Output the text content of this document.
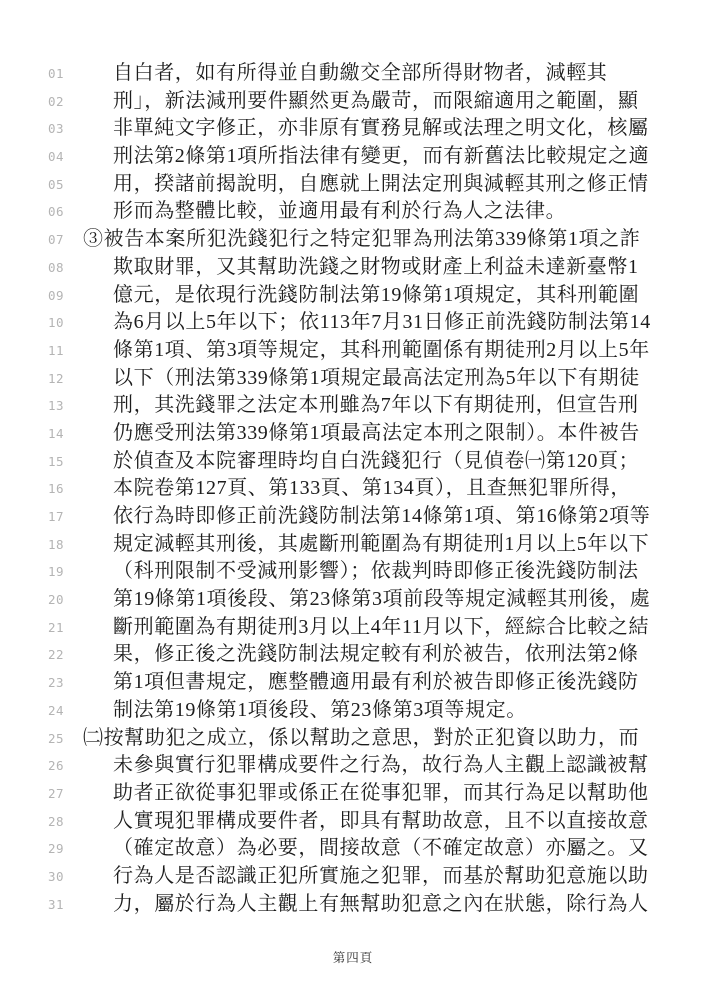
01	自白者，如有所得並自動繳交全部所得財物者，減輕其
02	刑」，新法減刑要件顯然更為嚴苛，而限縮適用之範圍，顯
03	非單純文字修正，亦非原有實務見解或法理之明文化，核屬
04	刑法第2條第1項所指法律有變更，而有新舊法比較規定之適
05	用，揆諸前揭說明，自應就上開法定刑與減輕其刑之修正情
06	形而為整體比較，並適用最有利於行為人之法律。
07 ③被告本案所犯洗錢犯行之特定犯罪為刑法第339條第1項之詐
08	欺取財罪，又其幫助洗錢之財物或財產上利益未達新臺幣1
09	億元，是依現行洗錢防制法第19條第1項規定，其科刑範圍
10	為6月以上5年以下；依113年7月31日修正前洗錢防制法第14
11	條第1項、第3項等規定，其科刑範圍係有期徒刑2月以上5年
12	以下（刑法第339條第1項規定最高法定刑為5年以下有期徒
13	刑，其洗錢罪之法定本刑雖為7年以下有期徒刑，但宣告刑
14	仍應受刑法第339條第1項最高法定本刑之限制）。本件被告
15	於偵查及本院審理時均自白洗錢犯行（見偵卷㈠第120頁；
16	本院卷第127頁、第133頁、第134頁），且查無犯罪所得，
17	依行為時即修正前洗錢防制法第14條第1項、第16條第2項等
18	規定減輕其刑後，其處斷刑範圍為有期徒刑1月以上5年以下
19	（科刑限制不受減刑影響）；依裁判時即修正後洗錢防制法
20	第19條第1項後段、第23條第3項前段等規定減輕其刑後，處
21	斷刑範圍為有期徒刑3月以上4年11月以下，經綜合比較之結
22	果，修正後之洗錢防制法規定較有利於被告，依刑法第2條
23	第1項但書規定，應整體適用最有利於被告即修正後洗錢防
24	制法第19條第1項後段、第23條第3項等規定。
25 ㈡按幫助犯之成立，係以幫助之意思，對於正犯資以助力，而
26	未參與實行犯罪構成要件之行為，故行為人主觀上認識被幫
27	助者正欲從事犯罪或係正在從事犯罪，而其行為足以幫助他
28	人實現犯罪構成要件者，即具有幫助故意，且不以直接故意
29	（確定故意）為必要，間接故意（不確定故意）亦屬之。又
30	行為人是否認識正犯所實施之犯罪，而基於幫助犯意施以助
31	力，屬於行為人主觀上有無幫助犯意之內在狀態，除行為人
第四頁
